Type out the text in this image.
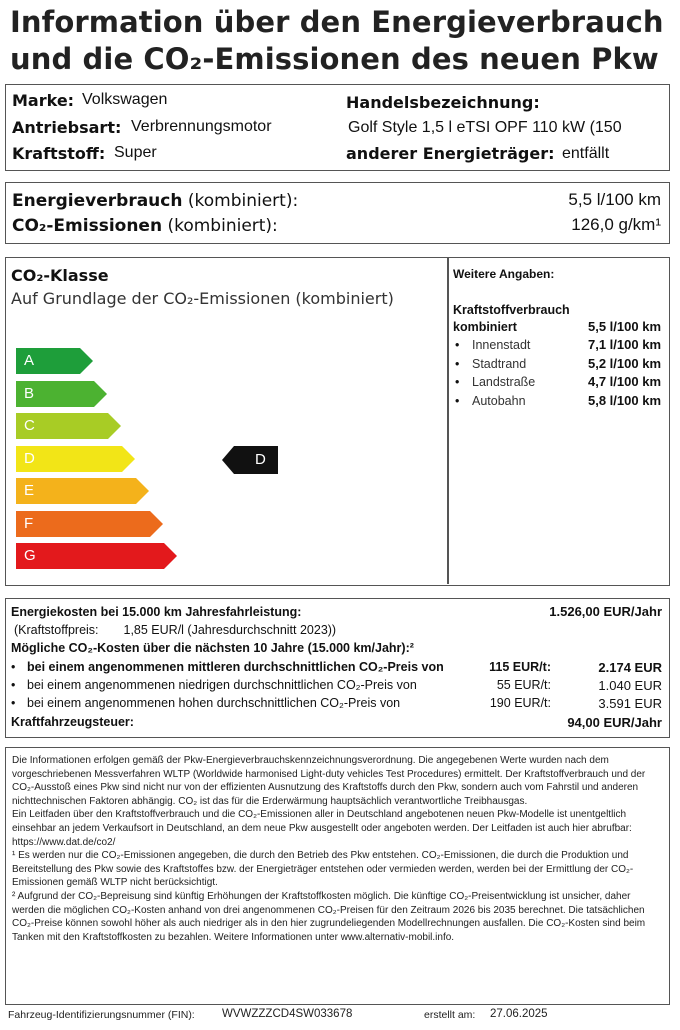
Information über den Energieverbrauch
und die CO₂-Emissionen des neuen Pkw
Marke: Volkswagen
Antriebsart: Verbrennungsmotor
Kraftstoff: Super
Handelsbezeichnung:
Golf Style 1,5 l eTSI OPF 110 kW (150
anderer Energieträger: entfällt
Energieverbrauch (kombiniert):	5,5 l/100 km
CO₂-Emissionen (kombiniert):	126,0 g/km¹
CO₂-Klasse
Auf Grundlage der CO₂-Emissionen (kombiniert)
A
B
C
D
E
F
G
D
Weitere Angaben:
Kraftstoffverbrauch
kombiniert	5,5 l/100 km
• Innenstadt	7,1 l/100 km
• Stadtrand	5,2 l/100 km
• Landstraße	4,7 l/100 km
• Autobahn	5,8 l/100 km
Energiekosten bei 15.000 km Jahresfahrleistung:	1.526,00 EUR/Jahr
(Kraftstoffpreis: 1,85 EUR/l (Jahresdurchschnitt 2023))
Mögliche CO₂-Kosten über die nächsten 10 Jahre (15.000 km/Jahr):²
• bei einem angenommenen mittleren durchschnittlichen CO₂-Preis von	115 EUR/t:	2.174 EUR
• bei einem angenommenen niedrigen durchschnittlichen CO₂-Preis von	55 EUR/t:	1.040 EUR
• bei einem angenommenen hohen durchschnittlichen CO₂-Preis von	190 EUR/t:	3.591 EUR
Kraftfahrzeugsteuer:	94,00 EUR/Jahr

Die Informationen erfolgen gemäß der Pkw-Energieverbrauchskennzeichnungsverordnung. Die angegebenen Werte wurden nach dem vorgeschriebenen Messverfahren WLTP (Worldwide harmonised Light-duty vehicles Test Procedures) ermittelt. Der Kraftstoffverbrauch und der CO₂-Ausstoß eines Pkw sind nicht nur von der effizienten Ausnutzung des Kraftstoffs durch den Pkw, sondern auch vom Fahrstil und anderen nichttechnischen Faktoren abhängig. CO₂ ist das für die Erderwärmung hauptsächlich verantwortliche Treibhausgas.

Ein Leitfaden über den Kraftstoffverbrauch und die CO₂-Emissionen aller in Deutschland angebotenen neuen Pkw-Modelle ist unentgeltlich einsehbar an jedem Verkaufsort in Deutschland, an dem neue Pkw ausgestellt oder angeboten werden. Der Leitfaden ist auch hier abrufbar: https://www.dat.de/co2/

¹ Es werden nur die CO₂-Emissionen angegeben, die durch den Betrieb des Pkw entstehen. CO₂-Emissionen, die durch die Produktion und Bereitstellung des Pkw sowie des Kraftstoffes bzw. der Energieträger entstehen oder vermieden werden, werden bei der Ermittlung der CO₂-Emissionen gemäß WLTP nicht berücksichtigt.

² Aufgrund der CO₂-Bepreisung sind künftig Erhöhungen der Kraftstoffkosten möglich. Die künftige CO₂-Preisentwicklung ist unsicher, daher werden die möglichen CO₂-Kosten anhand von drei angenommenen CO₂-Preisen für den Zeitraum 2026 bis 2035 berechnet. Die tatsächlichen CO₂-Preise können sowohl höher als auch niedriger als in den hier zugrundeliegenden Modellrechnungen ausfallen. Die CO₂-Kosten sind beim Tanken mit den Kraftstoffkosten zu bezahlen. Weitere Informationen unter www.alternativ-mobil.info.

Fahrzeug-Identifizierungsnummer (FIN): WVWZZZCD4SW033678	erstellt am: 27.06.2025
